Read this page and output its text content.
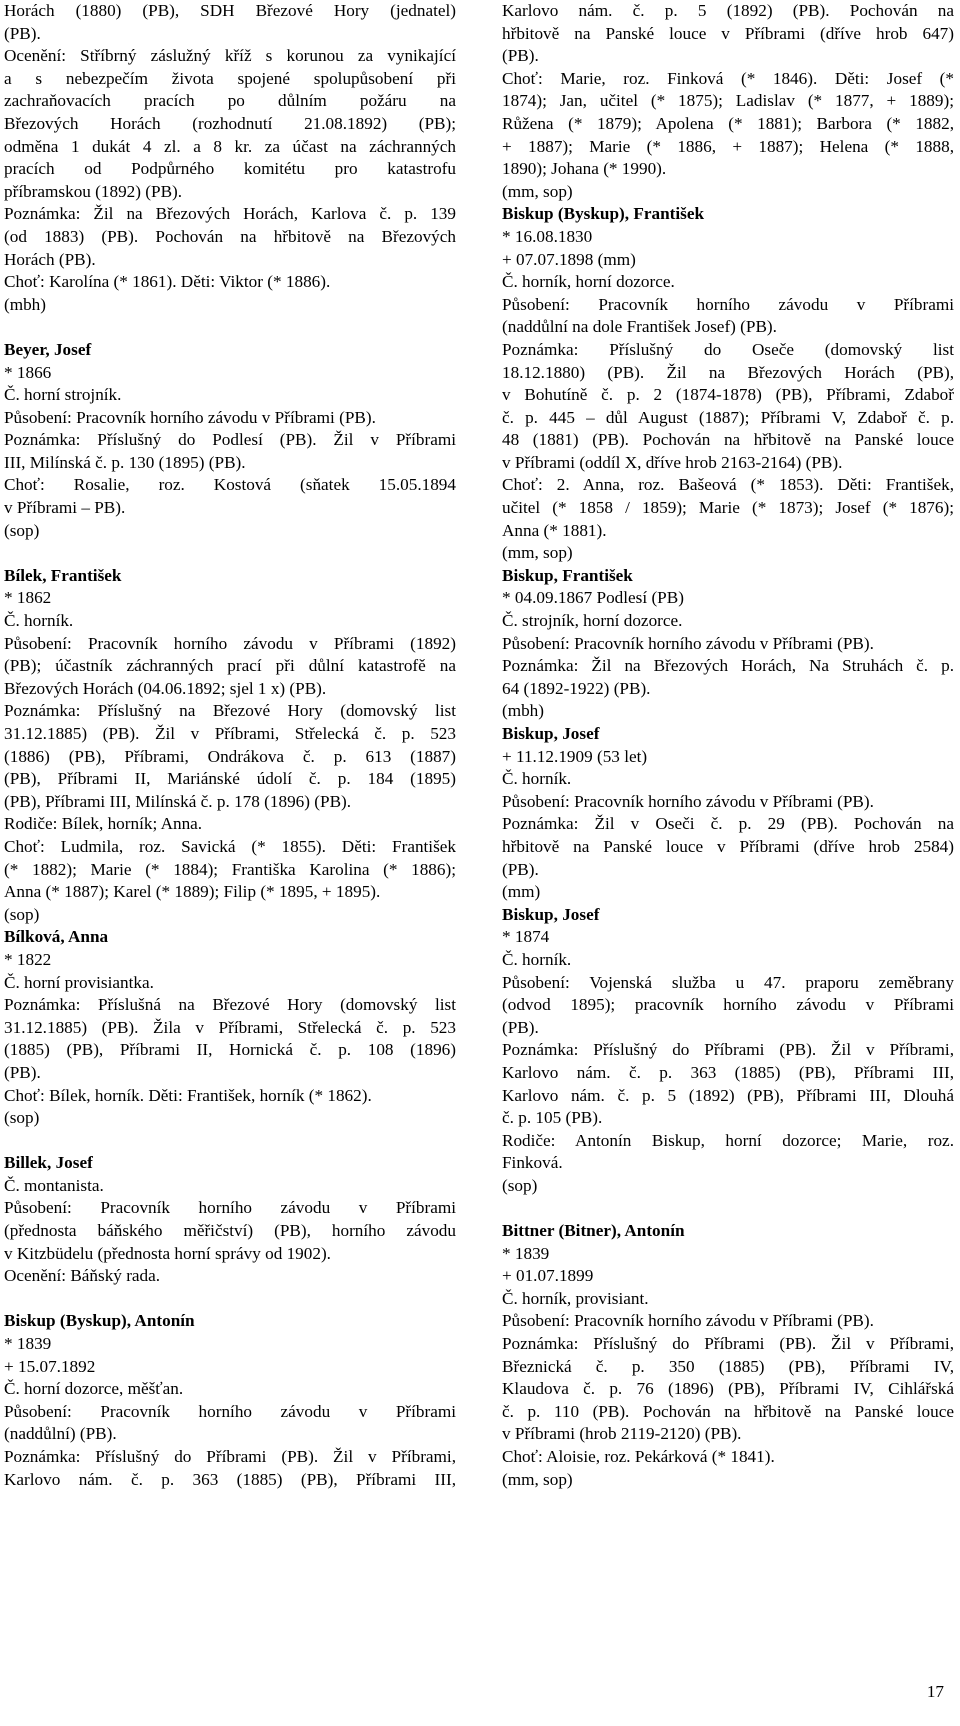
Horách (1880) (PB), SDH Březové Hory (jednatel)
(PB).
Ocenění: Stříbrný záslužný kříž s korunou za vynikající
a s nebezpečím života spojené spolupůsobení při
zachraňovacích pracích po důlním požáru na
Březových Horách (rozhodnutí 21.08.1892) (PB);
odměna 1 dukát 4 zl. a 8 kr. za účast na záchranných
pracích od Podpůrného komitétu pro katastrofu
příbramskou (1892) (PB).
Poznámka: Žil na Březových Horách, Karlova č. p. 139
(od 1883) (PB). Pochován na hřbitově na Březových
Horách (PB).
Choť: Karolína (* 1861). Děti: Viktor (* 1886).
(mbh)
Beyer, Josef
* 1866
Č. horní strojník.
Působení: Pracovník horního závodu v Příbrami (PB).
Poznámka: Příslušný do Podlesí (PB). Žil v Příbrami
III, Milínská č. p. 130 (1895) (PB).
Choť: Rosalie, roz. Kostová (sňatek 15.05.1894
v Příbrami – PB).
(sop)
Bílek, František
* 1862
Č. horník.
Působení: Pracovník horního závodu v Příbrami (1892)
(PB); účastník záchranných prací při důlní katastrofě na
Březových Horách (04.06.1892; sjel 1 x) (PB).
Poznámka: Příslušný na Březové Hory (domovský list
31.12.1885) (PB). Žil v Příbrami, Střelecká č. p. 523
(1886) (PB), Příbrami, Ondrákova č. p. 613 (1887)
(PB), Příbrami II, Mariánské údolí č. p. 184 (1895)
(PB), Příbrami III, Milínská č. p. 178 (1896) (PB).
Rodiče: Bílek, horník; Anna.
Choť: Ludmila, roz. Savická (* 1855). Děti: František
(* 1882); Marie (* 1884); Františka Karolina (* 1886);
Anna (* 1887); Karel (* 1889); Filip (* 1895, + 1895).
(sop)
Bílková, Anna
* 1822
Č. horní provisiantka.
Poznámka: Příslušná na Březové Hory (domovský list
31.12.1885) (PB). Žila v Příbrami, Střelecká č. p. 523
(1885) (PB), Příbrami II, Hornická č. p. 108 (1896)
(PB).
Choť: Bílek, horník. Děti: František, horník (* 1862).
(sop)
Billek, Josef
Č. montanista.
Působení: Pracovník horního závodu v Příbrami
(přednosta báňského měřičství) (PB), horního závodu
v Kitzbüdelu (přednosta horní správy od 1902).
Ocenění: Báňský rada.
Biskup (Byskup), Antonín
* 1839
+ 15.07.1892
Č. horní dozorce, měšťan.
Působení: Pracovník horního závodu v Příbrami
(naddůlní) (PB).
Poznámka: Příslušný do Příbrami (PB). Žil v Příbrami,
Karlovo nám. č. p. 363 (1885) (PB), Příbrami III,
Karlovo nám. č. p. 5 (1892) (PB). Pochován na
hřbitově na Panské louce v Příbrami (dříve hrob 647)
(PB).
Choť: Marie, roz. Finková (* 1846). Děti: Josef (*
1874); Jan, učitel (* 1875); Ladislav (* 1877, + 1889);
Růžena (* 1879); Apolena (* 1881); Barbora (* 1882,
+ 1887); Marie (* 1886, + 1887); Helena (* 1888,
1890); Johana (* 1990).
(mm, sop)
Biskup (Byskup), František
* 16.08.1830
+ 07.07.1898 (mm)
Č. horník, horní dozorce.
Působení: Pracovník horního závodu v Příbrami
(naddůlní na dole František Josef) (PB).
Poznámka: Příslušný do Oseče (domovský list
18.12.1880) (PB). Žil na Březových Horách (PB),
v Bohutíně č. p. 2 (1874-1878) (PB), Příbrami, Zdaboř
č. p. 445 – důl August (1887); Příbrami V, Zdaboř č. p.
48 (1881) (PB). Pochován na hřbitově na Panské louce
v Příbrami (oddíl X, dříve hrob 2163-2164) (PB).
Choť: 2. Anna, roz. Bašeová (* 1853). Děti: František,
učitel (* 1858 / 1859); Marie (* 1873); Josef (* 1876);
Anna (* 1881).
(mm, sop)
Biskup, František
* 04.09.1867 Podlesí (PB)
Č. strojník, horní dozorce.
Působení: Pracovník horního závodu v Příbrami (PB).
Poznámka: Žil na Březových Horách, Na Struhách č. p.
64 (1892-1922) (PB).
(mbh)
Biskup, Josef
+ 11.12.1909 (53 let)
Č. horník.
Působení: Pracovník horního závodu v Příbrami (PB).
Poznámka: Žil v Oseči č. p. 29 (PB). Pochován na
hřbitově na Panské louce v Příbrami (dříve hrob 2584)
(PB).
(mm)
Biskup, Josef
* 1874
Č. horník.
Působení: Vojenská služba u 47. praporu zeměbrany
(odvod 1895); pracovník horního závodu v Příbrami
(PB).
Poznámka: Příslušný do Příbrami (PB). Žil v Příbrami,
Karlovo nám. č. p. 363 (1885) (PB), Příbrami III,
Karlovo nám. č. p. 5 (1892) (PB), Příbrami III, Dlouhá
č. p. 105 (PB).
Rodiče: Antonín Biskup, horní dozorce; Marie, roz.
Finková.
(sop)
Bittner (Bitner), Antonín
* 1839
+ 01.07.1899
Č. horník, provisiant.
Působení: Pracovník horního závodu v Příbrami (PB).
Poznámka: Příslušný do Příbrami (PB). Žil v Příbrami,
Březnická č. p. 350 (1885) (PB), Příbrami IV,
Klaudova č. p. 76 (1896) (PB), Příbrami IV, Cihlářská
č. p. 110 (PB). Pochován na hřbitově na Panské louce
v Příbrami (hrob 2119-2120) (PB).
Choť: Aloisie, roz. Pekárková (* 1841).
(mm, sop)
17
